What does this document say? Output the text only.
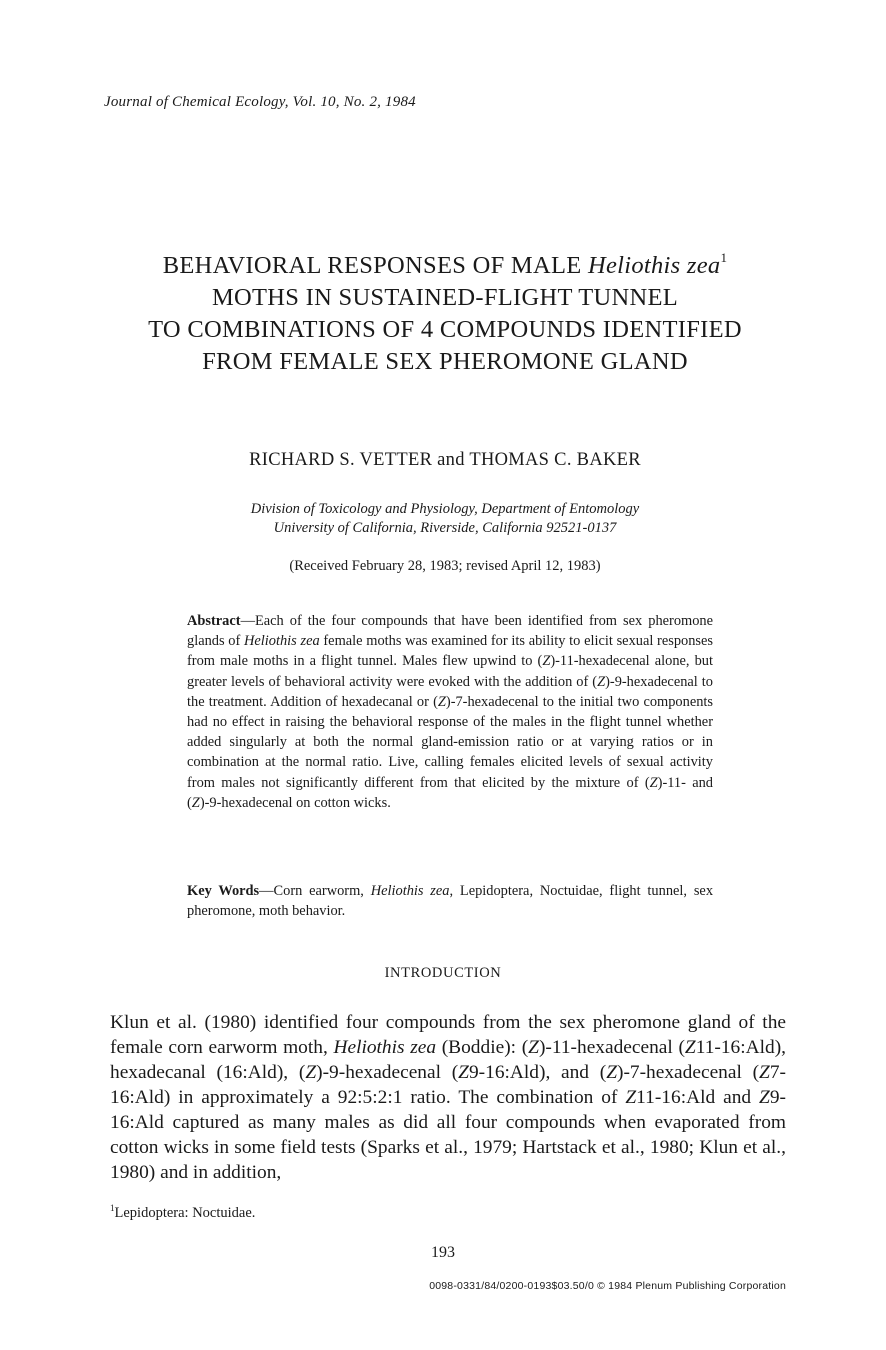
Journal of Chemical Ecology, Vol. 10, No. 2, 1984
BEHAVIORAL RESPONSES OF MALE Heliothis zea$^1$
MOTHS IN SUSTAINED-FLIGHT TUNNEL
TO COMBINATIONS OF 4 COMPOUNDS IDENTIFIED
FROM FEMALE SEX PHEROMONE GLAND
RICHARD S. VETTER and THOMAS C. BAKER
Division of Toxicology and Physiology, Department of Entomology
University of California, Riverside, California 92521-0137
(Received February 28, 1983; revised April 12, 1983)
Abstract—Each of the four compounds that have been identified from sex pheromone glands of Heliothis zea female moths was examined for its ability to elicit sexual responses from male moths in a flight tunnel. Males flew upwind to (Z)-11-hexadecenal alone, but greater levels of behavioral activity were evoked with the addition of (Z)-9-hexadecenal to the treatment. Addition of hexadecanal or (Z)-7-hexadecenal to the initial two components had no effect in raising the behavioral response of the males in the flight tunnel whether added singularly at both the normal gland-emission ratio or at varying ratios or in combination at the normal ratio. Live, calling females elicited levels of sexual activity from males not significantly different from that elicited by the mixture of (Z)-11- and (Z)-9-hexadecenal on cotton wicks.
Key Words—Corn earworm, Heliothis zea, Lepidoptera, Noctuidae, flight tunnel, sex pheromone, moth behavior.
INTRODUCTION
Klun et al. (1980) identified four compounds from the sex pheromone gland of the female corn earworm moth, Heliothis zea (Boddie): (Z)-11-hexadecenal (Z11-16:Ald), hexadecanal (16:Ald), (Z)-9-hexadecenal (Z9-16:Ald), and (Z)-7-hexadecenal (Z7-16:Ald) in approximately a 92:5:2:1 ratio. The combination of Z11-16:Ald and Z9-16:Ald captured as many males as did all four compounds when evaporated from cotton wicks in some field tests (Sparks et al., 1979; Hartstack et al., 1980; Klun et al., 1980) and in addition,
$^1$Lepidoptera: Noctuidae.
193
0098-0331/84/0200-0193$03.50/0 © 1984 Plenum Publishing Corporation
